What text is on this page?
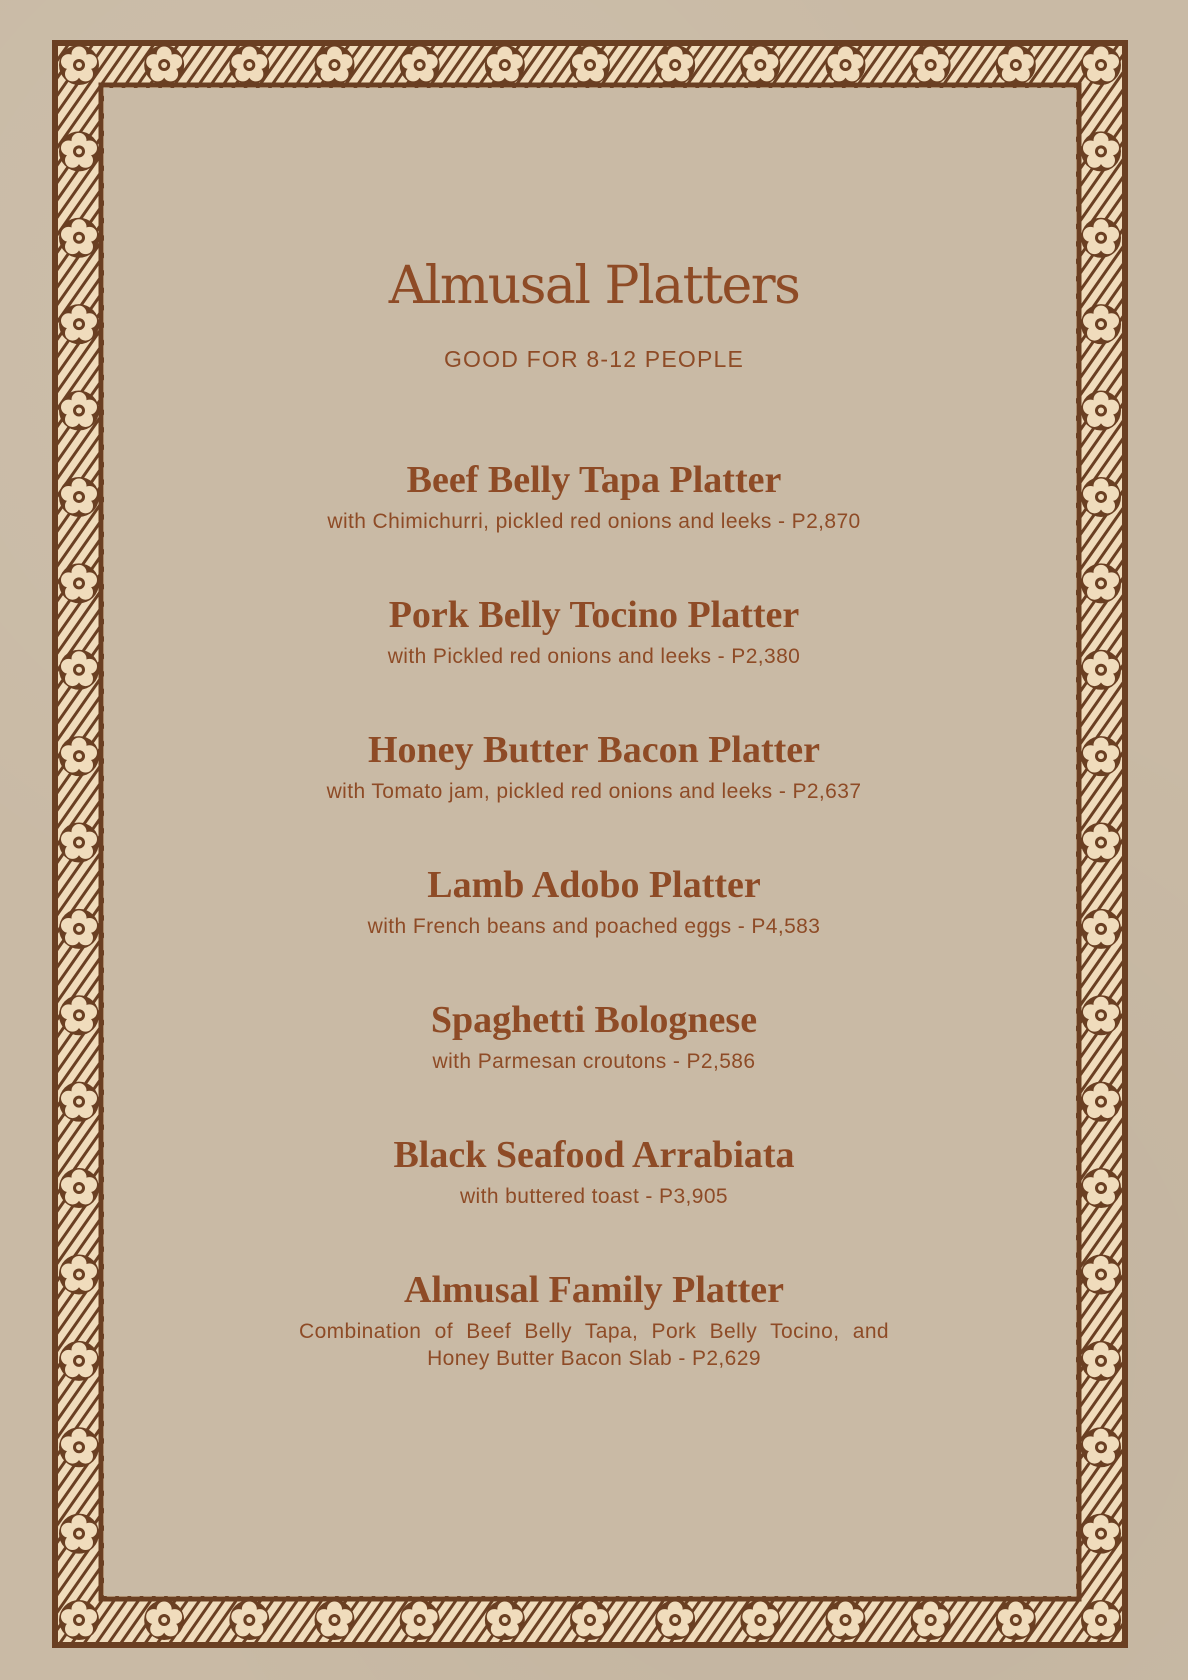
Almusal Platters
GOOD FOR 8-12 PEOPLE
Beef Belly Tapa Platter
with Chimichurri, pickled red onions and leeks - P2,870
Pork Belly Tocino Platter
with Pickled red onions and leeks - P2,380
Honey Butter Bacon Platter
with Tomato jam, pickled red onions and leeks - P2,637
Lamb Adobo Platter
with French beans and poached eggs - P4,583
Spaghetti Bolognese
with Parmesan croutons - P2,586
Black Seafood Arrabiata
with buttered toast - P3,905
Almusal Family Platter
Combination of Beef Belly Tapa, Pork Belly Tocino, and Honey Butter Bacon Slab - P2,629
